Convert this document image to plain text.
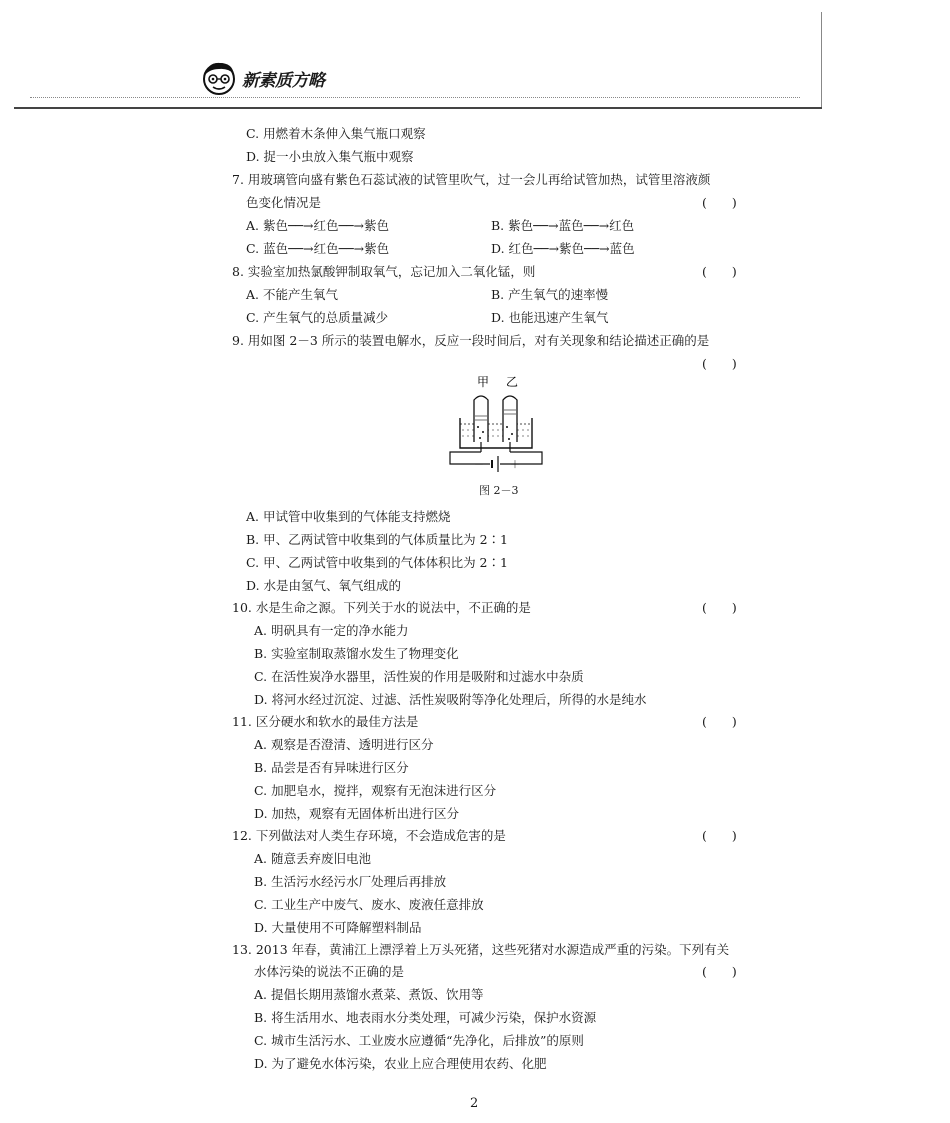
新素质方略
C. 用燃着木条伸入集气瓶口观察
D. 捉一小虫放入集气瓶中观察
7. 用玻璃管向盛有紫色石蕊试液的试管里吹气，过一会儿再给试管加热，试管里溶液颜
色变化情况是	(　　)
A. 紫色──→红色──→紫色	B. 紫色──→蓝色──→红色
C. 蓝色──→红色──→紫色	D. 红色──→紫色──→蓝色
8. 实验室加热氯酸钾制取氧气，忘记加入二氧化锰，则	(　　)
A. 不能产生氧气	B. 产生氧气的速率慢
C. 产生氧气的总质量减少	D. 也能迅速产生氧气
9. 用如图 2－3 所示的装置电解水，反应一段时间后，对有关现象和结论描述正确的是
(　　)
甲 乙
－	＋
图 2－3
A. 甲试管中收集到的气体能支持燃烧
B. 甲、乙两试管中收集到的气体质量比为 2∶1
C. 甲、乙两试管中收集到的气体体积比为 2∶1
D. 水是由氢气、氧气组成的
10. 水是生命之源。下列关于水的说法中，不正确的是	(　　)
A. 明矾具有一定的净水能力
B. 实验室制取蒸馏水发生了物理变化
C. 在活性炭净水器里，活性炭的作用是吸附和过滤水中杂质
D. 将河水经过沉淀、过滤、活性炭吸附等净化处理后，所得的水是纯水
11. 区分硬水和软水的最佳方法是	(　　)
A. 观察是否澄清、透明进行区分
B. 品尝是否有异味进行区分
C. 加肥皂水，搅拌，观察有无泡沫进行区分
D. 加热，观察有无固体析出进行区分
12. 下列做法对人类生存环境，不会造成危害的是	(　　)
A. 随意丢弃废旧电池
B. 生活污水经污水厂处理后再排放
C. 工业生产中废气、废水、废液任意排放
D. 大量使用不可降解塑料制品
13. 2013 年春，黄浦江上漂浮着上万头死猪，这些死猪对水源造成严重的污染。下列有关
水体污染的说法不正确的是	(　　)
A. 提倡长期用蒸馏水煮菜、煮饭、饮用等
B. 将生活用水、地表雨水分类处理，可减少污染，保护水资源
C. 城市生活污水、工业废水应遵循“先净化，后排放”的原则
D. 为了避免水体污染，农业上应合理使用农药、化肥
2
